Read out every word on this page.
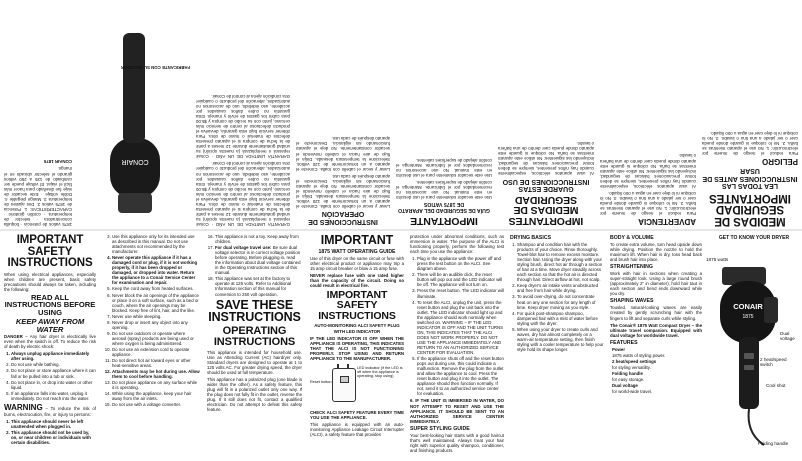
CONAIR

FABRICANTE CON SU SECADOR

1875 vatios de potencia · boquilla concentradora · selector de temperatura · cordón giratorio · CARACTERÍSTICAS: 1. Potencia de 1875 vatios 2. Dos ajustes de temperatura 3. Mango plegable 4. Doble voltaje · Este secador de viaje fue diseñado para hacer más fácil el viajar. El voltaje puede ser cambiado de 125 a 250 voltios girando el selector ubicado en el mango.

CONAIR 1875

GARANTÍA LIMITADA DE UN AÑO · Conair reparará o reemplazará (a nuestra opción) su unidad gratuitamente durante 12 meses a partir de la fecha de compra si el aparato presenta defectos de material o mano de obra. Para obtener servicio bajo esta garantía, devuelva el producto defectuoso al centro de servicio más cercano, junto con su recibo de compra y $5.00 para cubrir los gastos de envío y manejo. Esta garantía no cubre daños causados por accidente, uso indebido, uso de accesorios no autorizados, alteración del producto o cualquier otra condición ajena al control de Conair.

GARANTÍA LIMITADA DE UN AÑO · Conair reparará o reemplazará (a nuestra opción) su unidad gratuitamente durante 12 meses a partir de la fecha de compra si el aparato presenta defectos de material o mano de obra. Para obtener servicio bajo esta garantía, devuelva el producto defectuoso al centro de servicio más cercano, junto con su recibo de compra y $5.00 para cubrir los gastos de envío y manejo. Esta garantía no cubre daños causados por accidente, uso indebido, uso de accesorios no autorizados, alteración del producto o cualquier otra condición ajena al control de Conair.

INSTRUCCIONES DE OPERACIÓN

Lavar y secar el cabello con toalla. Conecte el aparato a un tomacorriente de 120 voltios. Seleccione la temperatura deseada. Dirija el flujo de aire hacia el cabello moviendo el secador constantemente. No deje el aparato funcionando sin vigilancia. Desconecte el aparato después de cada uso.

Lavar y secar el cabello con toalla. Conecte el aparato a un tomacorriente de 120 voltios. Seleccione la temperatura deseada. Dirija el flujo de aire hacia el cabello moviendo el secador constantemente. No deje el aparato funcionando sin vigilancia. Desconecte el aparato después de cada uso.

IMPORTANTE
GUÍA DE SEGURIDAD DEL APARATO DE 1875 VATIOS

Use este secador solamente para el uso descrito en este manual. No use accesorios no recomendados por el fabricante. Mantenga el cordón alejado de superficies calientes.

Use este secador solamente para el uso descrito en este manual. No use accesorios no recomendados por el fabricante. Mantenga el cordón alejado de superficies calientes.

IMPORTANTES MEDIDAS DE SEGURIDAD
GUARDE ESTAS INSTRUCCIONES DE USO

Al usar aparatos eléctricos, especialmente cuando hay niños presentes, siempre se deben tomar precauciones básicas de seguridad, incluyendo las siguientes: No utilice este aparato mientras se baña. No coloque ni guarde este aparato donde pueda caer dentro de una bañera o lavabo.

MEDIDAS DE SEGURIDAD IMPORTANTES
LEA TODAS LAS INSTRUCCIONES ANTES DE USAR
PELIGRO

Para reducir el riesgo de muerte por electrocución: 1. No use el aparato mientras se baña. 2. No lo coloque ni guarde donde pueda caer o ser jalado a una tina o lavabo. 3. No lo coloque ni lo deje caer en agua u otro líquido.

ADVERTENCIA

Para reducir el riesgo de muerte por electrocución: 1. No use el aparato mientras se baña. 2. No lo coloque ni guarde donde pueda caer o ser jalado a una tina o lavabo. 3. No lo coloque ni lo deje caer en agua u otro líquido.

Al usar aparatos eléctricos, especialmente cuando hay niños presentes, siempre se deben tomar precauciones básicas de seguridad, incluyendo las siguientes: No utilice este aparato mientras se baña. No coloque ni guarde este aparato donde pueda caer dentro de una bañera o lavabo.

IMPORTANT SAFETY INSTRUCTIONS

When using electrical appliances, especially when children are present, basic safety precautions should always be taken, including the following:

READ ALL INSTRUCTIONS BEFORE USING
KEEP AWAY FROM WATER

DANGER – Any hair dryer is electrically live even when the switch is off. To reduce the risk of death by electric shock:

1. Always unplug appliance immediately after using.
2. Do not use while bathing.
3. Do not place or store appliance where it can fall or be pulled into a tub or sink.
4. Do not place in, or drop into water or other liquid.
5. If an appliance falls into water, unplug it immediately. Do not reach into the water.

WARNING – To reduce the risk of burns, electrocution, fire, or injury to persons:

1. This appliance should never be left unattended when plugged in.
2. This appliance should not be used by, on, or near children or individuals with certain disabilities.
3. Use this appliance only for its intended use as described in this manual. Do not use attachments not recommended by the manufacturer.
4. Never operate this appliance if it has a damaged cord or plug, if it is not working properly, if it has been dropped or damaged, or dropped into water. Return the appliance to a Conair Service Center for examination and repair.
5. Keep the cord away from heated surfaces.
6. Never block the air openings of the appliance or place it on a soft surface, such as a bed or couch, where the air openings may be blocked. Keep free of lint, hair, and the like.
7. Never use while sleeping.
8. Never drop or insert any object into any opening.
9. Do not use outdoors or operate where aerosol (spray) products are being used or where oxygen is being administered.
10. Do not use an extension cord to operate appliance.
11. Do not direct hot air toward eyes or other heat-sensitive areas.
12. Attachments may be hot during use. Allow them to cool before handling.
13. Do not place appliance on any surface while it is operating.
14. While using the appliance, keep your hair away from the air inlets.
15. Do not use with a voltage converter.
16. This appliance is not a toy. Keep away from children.
17. For dual voltage travel use: Be sure dual voltage selector is in correct voltage position before operating. Before plugging in, read the information about dual voltage contained in the Operating Instructions section of this manual.
18. This appliance was set at the factory to operate at 125 volts. Refer to Additional Information section of this manual for conversion to 250 volt operation.
SAVE THESE INSTRUCTIONS
OPERATING INSTRUCTIONS

This appliance is intended for household use. Use as Attending Current (AC) hairdryer only. Standard dryers are designed to operate at 1 to 125 volts AC. For greater drying speed, the dryer should be used at full temperature.

This appliance has a polarized plug (one blade is wider than the other). As a safety feature, this plug will fit in a polarized outlet only one way. If the plug does not fully fit in the outlet, reverse the plug. If it still does not fit, contact a qualified electrician. Do not attempt to defeat this safety feature.

IMPORTANT
1875 WATT OPERATING GUIDE

Use of this dryer on the same circuit or fuse with other electrical product or appliance may trip a 15 amp circuit breaker or blow a 15 amp fuse.

NEVER replace fuse with one rated higher than the capacity of the circuit. Doing so could result in electrical fire.

IMPORTANT SAFETY INSTRUCTIONS
AUTO-MONITORING ALCI SAFETY PLUG WITH LED INDICATOR

IF THE LED INDICATOR IS OFF WHEN THE APPLIANCE IS OPERATING, THIS INDICATES THAT THE ALCI IS NOT FUNCTIONING PROPERLY. STOP USING AND RETURN APPLIANCE TO THE MANUFACTURER.

Reset button
LED indicator (if the LED is off when the appliance is operating, stop using)

CHECK ALCI SAFETY FEATURE EVERY TIME YOU USE THE APPLIANCE.

This appliance is equipped with an auto-monitoring Appliance Leakage Circuit Interrupter (ALCI), a safety feature that provides

protection under abnormal conditions, such as immersion in water. The purpose of the ALCI is functioning properly, perform the following test each time you use the appliance:

1. Plug in the appliance with the power off and press the test button on the ALCI. See diagram above.
2. There will be an audible click, the reset button will pop out and the LED indicator will be off. The appliance will not turn on.
3. Press the reset button. The LED indicator will illuminate.
4. To reset the ALCI, unplug the unit, press the reset button and plug the unit back into the outlet. The LED indicator should light up and the appliance should work normally when switched on. WARNING – IF THE LED INDICATOR IS OFF AND THE UNIT TURNS ON, THIS INDICATES THAT THE ALCI DOES NOT WORK PROPERLY. DO NOT USE THE APPLIANCE IMMEDIATELY AND RETURN TO AN AUTHORIZED SERVICE CENTER FOR EVALUATION.
5. If the appliance shuts off and the reset button pops out during use, this could indicate a malfunction. Remove the plug from the outlet and allow the appliance to cool. Press the reset button and plug it into the outlet. The appliance should then function normally. If not, send it to an authorized service center for evaluation.

6. IF THE UNIT IS IMMERSED IN WATER, DO NOT ATTEMPT TO RESET AND USE THE APPLIANCE. IT SHOULD BE SENT TO AN AUTHORIZED SERVICE CENTER IMMEDIATELY.

SUPER STYLING GUIDE

Your best-looking hair starts with a good haircut that's well maintained. Always treat your hair right with superior quality shampoo, conditioner, and finishing products.

DRYING BASICS
1. Shampoo and condition hair with the products of your choice. Rinse thoroughly. Towel-blot hair to remove excess moisture. Section hair. Using the dryer along with your styling brush, direct hot air through a section of hair at a time. Move dryer steadily across each section so that the hot air is directed through hair. Direct airflow at hot, not scalp.
2. Keep dryer's air intake vents unobstructed and free from hair while drying.
3. To avoid over-drying, do not concentrate heat on any one section for any length of time. Keep dryer moving as you style.
4. For quick post-shampoo shampoo, dampened hair with a mist of water before styling with the dryer.
5. When using your dryer to create curls and waves, dry hair almost completely on a warm-air temperature setting, then finish styling with a cooler temperature to help your style hold its shape longer.
BODY & VOLUME

To create extra volume, turn head upside down while drying. Position the nozzle to hold the maximum lift. When hair is dry, toss head back and brush hair into place.

STRAIGHTENING

Work with hair in sections when creating a super-straight look. Using a large round brush (approximately 2" in diameter), hold hair taut in each section and bend ends downward while you dry.

SHAPING WAVES

Tousled, natural-looking waves are easily created by gently scrunching hair with the fingers to lift and separate curls while styling.

The Conair® 1875 Watt Compact Dryer – the ultimate travel companion. Equipped with dual voltage for worldwide travel.

FEATURES
Power
1875 watts of styling power.
2 heat/speed settings
for styling versatility.
Folding handle
for easy storage.
Dual voltage
for world-wide travel.
GET TO KNOW YOUR DRYER
CONAIR
1875
1875 watts
Dual voltage
2 heat/speed switch
Cool shot
Folding handle
